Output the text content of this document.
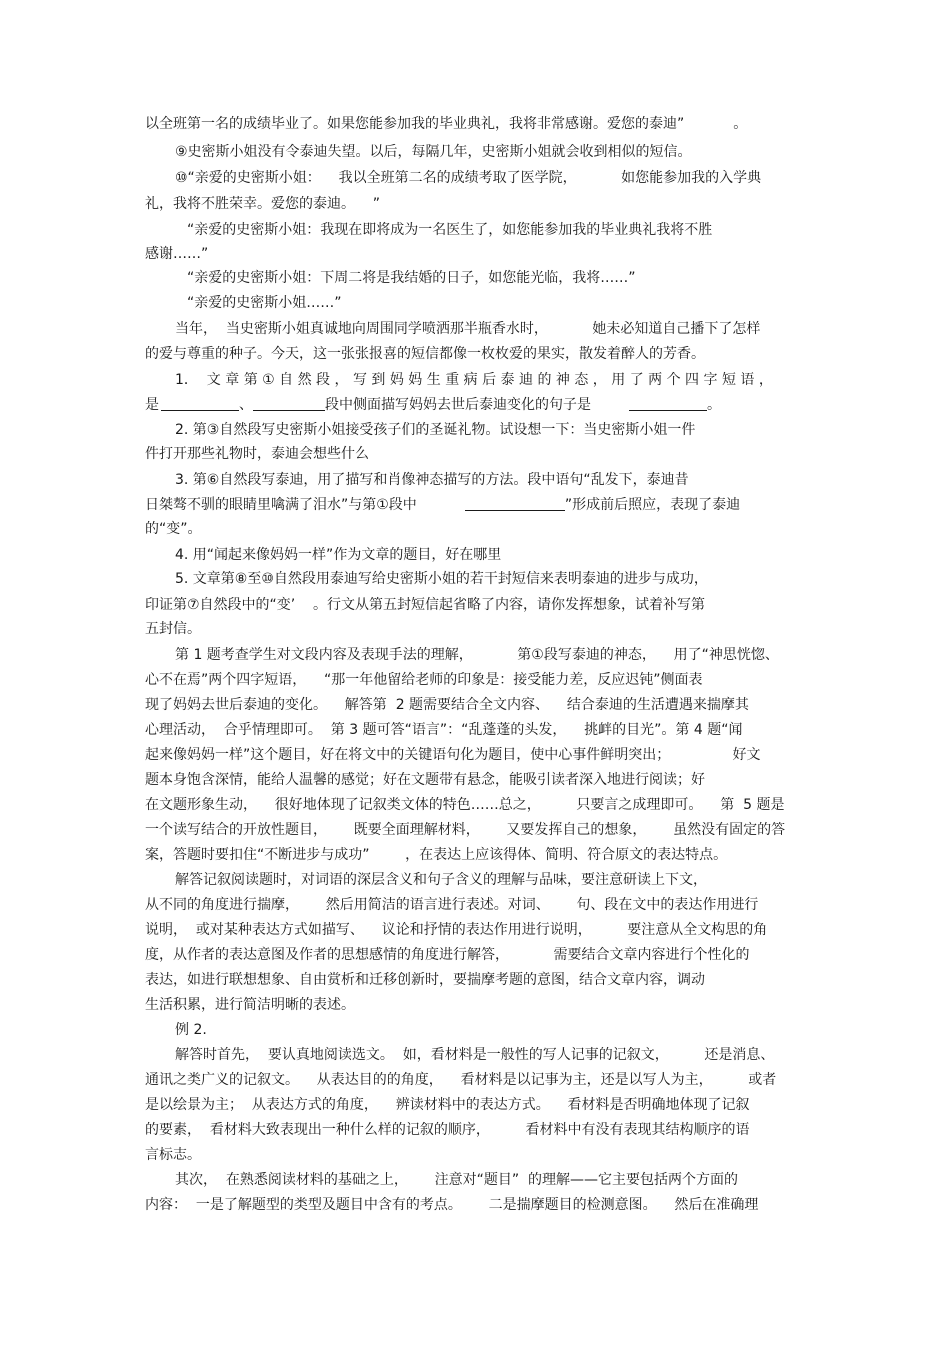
以全班第一名的成绩毕业了。如果您能参加我的毕业典礼，我将非常感谢。爱您的泰迪”           。

⑨史密斯小姐没有令泰迪失望。以后，每隔几年，史密斯小姐就会收到相似的短信。

⑩“亲爱的史密斯小姐：    我以全班第二名的成绩考取了医学院，          如您能参加我的入学典

礼，我将不胜荣幸。爱您的泰迪。    ”

“亲爱的史密斯小姐：我现在即将成为一名医生了，如您能参加我的毕业典礼我将不胜

感谢……”

“亲爱的史密斯小姐：下周二将是我结婚的日子，如您能光临，我将……”

“亲爱的史密斯小姐……”

当年，  当史密斯小姐真诚地向周围同学喷洒那半瓶香水时，          她未必知道自己播下了怎样

的爱与尊重的种子。今天，这一张张报喜的短信都像一枚枚爱的果实，散发着醉人的芳香。

1．  文 章 第 ① 自 然 段 ， 写 到 妈 妈 生 重 病 后 泰 迪 的 神 态 ， 用 了 两 个 四 字 短 语 ，

是	、	段中侧面描写妈妈去世后泰迪变化的句子是	。

2. 第③自然段写史密斯小姐接受孩子们的圣诞礼物。试设想一下：当史密斯小姐一件

件打开那些礼物时，泰迪会想些什么

3. 第⑥自然段写泰迪，用了描写和肖像神态描写的方法。段中语句“乱发下，泰迪昔

日桀骜不驯的眼睛里噙满了泪水”与第①段中	”形成前后照应，表现了泰迪

的“变”。

4. 用“闻起来像妈妈一样”作为文章的题目，好在哪里

5. 文章第⑧至⑩自然段用泰迪写给史密斯小姐的若干封短信来表明泰迪的进步与成功，

印证第⑦自然段中的“变’    。行文从第五封短信起省略了内容，请你发挥想象，试着补写第

五封信。

第 1 题考查学生对文段内容及表现手法的理解，          第①段写泰迪的神态，    用了“神思恍惚、

心不在焉”两个四字短语，    “那一年他留给老师的印象是：接受能力差，反应迟钝”侧面表

现了妈妈去世后泰迪的变化。    解答第  2 题需要结合全文内容、    结合泰迪的生活遭遇来揣摩其

心理活动，  合乎情理即可。  第 3 题可答“语言”：“乱蓬蓬的头发，    挑衅的目光”。第 4 题“闻

起来像妈妈一样”这个题目，好在将文中的关键语句化为题目，使中心事件鲜明突出；              好文

题本身饱含深情，能给人温馨的感觉；好在文题带有悬念，能吸引读者深入地进行阅读；好

在文题形象生动，    很好地体现了记叙类文体的特色……总之，        只要言之成理即可。    第  5 题是

一个读写结合的开放性题目，      既要全面理解材料，      又要发挥自己的想象，      虽然没有固定的答

案，答题时要扣住“不断进步与成功”        ，在表达上应该得体、简明、符合原文的表达特点。

解答记叙阅读题时，对词语的深层含义和句子含义的理解与品味，要注意研读上下文，

从不同的角度进行揣摩，      然后用简洁的语言进行表述。对词、      句、段在文中的表达作用进行

说明，  或对某种表达方式如描写、    议论和抒情的表达作用进行说明，        要注意从全文构思的角

度，从作者的表达意图及作者的思想感情的角度进行解答，          需要结合文章内容进行个性化的

表达，如进行联想想象、自由赏析和迁移创新时，要揣摩考题的意图，结合文章内容，调动

生活积累，进行简洁明晰的表述。

例 2.

解答时首先，  要认真地阅读选文。  如，看材料是一般性的写人记事的记叙文，        还是消息、

通讯之类广义的记叙文。    从表达目的的角度，    看材料是以记事为主，还是以写人为主，        或者

是以绘景为主；  从表达方式的角度，    辨读材料中的表达方式。    看材料是否明确地体现了记叙

的要素，  看材料大致表现出一种什么样的记叙的顺序，        看材料中有没有表现其结构顺序的语

言标志。

其次，  在熟悉阅读材料的基础之上，      注意对“题目”  的理解——它主要包括两个方面的

内容：  一是了解题型的类型及题目中含有的考点。      二是揣摩题目的检测意图。    然后在准确理
